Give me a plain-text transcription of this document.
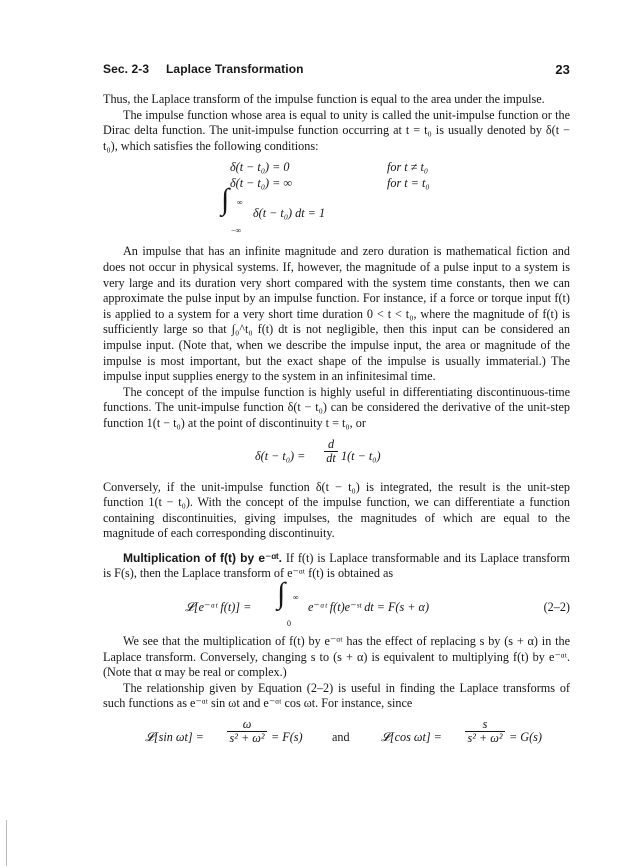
Sec. 2-3 Laplace Transformation	23

Thus, the Laplace transform of the impulse function is equal to the area under the impulse.

The impulse function whose area is equal to unity is called the unit-impulse function or the Dirac delta function. The unit-impulse function occurring at t = t₀ is usually denoted by δ(t − t₀), which satisfies the following conditions:

δ(t − t₀) = 0	for t ≠ t₀
δ(t − t₀) = ∞	for t = t₀
∫ ∞
−∞
δ(t − t₀) dt = 1

An impulse that has an infinite magnitude and zero duration is mathematical fiction and does not occur in physical systems. If, however, the magnitude of a pulse input to a system is very large and its duration very short compared with the system time constants, then we can approximate the pulse input by an impulse function. For instance, if a force or torque input f(t) is applied to a system for a very short time duration 0 < t < t₀, where the magnitude of f(t) is sufficiently large so that ∫₀^t₀ f(t) dt is not negligible, then this input can be considered an impulse input. (Note that, when we describe the impulse input, the area or magnitude of the impulse is most important, but the exact shape of the impulse is usually immaterial.) The impulse input supplies energy to the system in an infinitesimal time.

The concept of the impulse function is highly useful in differentiating discontinuous-time functions. The unit-impulse function δ(t − t₀) can be considered the derivative of the unit-step function 1(t − t₀) at the point of discontinuity t = t₀, or

δ(t − t₀) =
d
dt 1(t − t₀)

Conversely, if the unit-impulse function δ(t − t₀) is integrated, the result is the unit-step function 1(t − t₀). With the concept of the impulse function, we can differentiate a function containing discontinuities, giving impulses, the magnitudes of which are equal to the magnitude of each corresponding discontinuity.

Multiplication of f(t) by e⁻ᵅᵗ. If f(t) is Laplace transformable and its Laplace transform is F(s), then the Laplace transform of e⁻ᵅᵗ f(t) is obtained as

𝓛[e⁻ᵅᵗ f(t)] = ∫ ∞
0
e⁻ᵅᵗ f(t)e⁻ˢᵗ dt = F(s + α)	(2–2)

We see that the multiplication of f(t) by e⁻ᵅᵗ has the effect of replacing s by (s + α) in the Laplace transform. Conversely, changing s to (s + α) is equivalent to multiplying f(t) by e⁻ᵅᵗ. (Note that α may be real or complex.)

The relationship given by Equation (2–2) is useful in finding the Laplace transforms of such functions as e⁻ᵅᵗ sin ωt and e⁻ᵅᵗ cos ωt. For instance, since

𝓛[sin ωt] =
ω
s² + ω² = F(s) and	𝓛[cos ωt] =
s
s² + ω² = G(s)
